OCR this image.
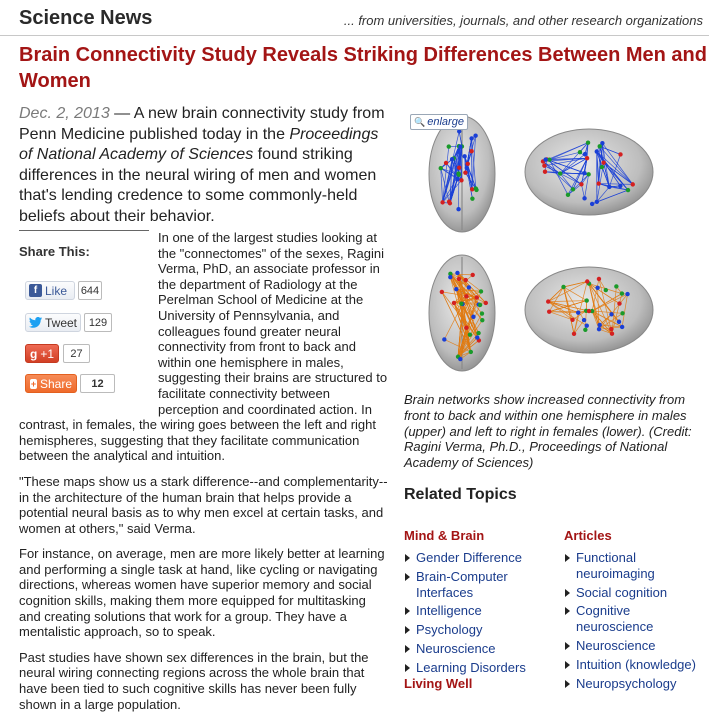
Science News	... from universities, journals, and other research organizations
Brain Connectivity Study Reveals Striking Differences Between Men and Women

Dec. 2, 2013 — A new brain connectivity study from Penn Medicine published today in the Proceedings of National Academy of Sciences found striking differences in the neural wiring of men and women that's lending credence to some commonly-held beliefs about their behavior.

Share This:
f Like 644
Tweet	129
g +1	27
+ Share	12

In one of the largest studies looking at the "connectomes" of the sexes, Ragini Verma, PhD, an associate professor in the department of Radiology at the Perelman School of Medicine at the University of Pennsylvania, and colleagues found greater neural connectivity from front to back and within one hemisphere in males, suggesting their brains are structured to facilitate connectivity between perception and coordinated action. In contrast, in females, the wiring goes between the left and right hemispheres, suggesting that they facilitate communication between the analytical and intuition.

"These maps show us a stark difference--and complementarity--in the architecture of the human brain that helps provide a potential neural basis as to why men excel at certain tasks, and women at others," said Verma.

For instance, on average, men are more likely better at learning and performing a single task at hand, like cycling or navigating directions, whereas women have superior memory and social cognition skills, making them more equipped for multitasking and creating solutions that work for a group. They have a mentalistic approach, so to speak.

Past studies have shown sex differences in the brain, but the neural wiring connecting regions across the whole brain that have been tied to such cognitive skills has never been fully shown in a large population.

🔍 enlarge

Brain networks show increased connectivity from front to back and within one hemisphere in males (upper) and left to right in females (lower). (Credit: Ragini Verma, Ph.D., Proceedings of National Academy of Sciences)

Related Topics
Mind & Brain
Gender Difference
Brain-Computer Interfaces
Intelligence
Psychology
Neuroscience
Learning Disorders
Articles
Functional neuroimaging
Social cognition
Cognitive neuroscience
Neuroscience
Intuition (knowledge)
Neuropsychology

Living Well
